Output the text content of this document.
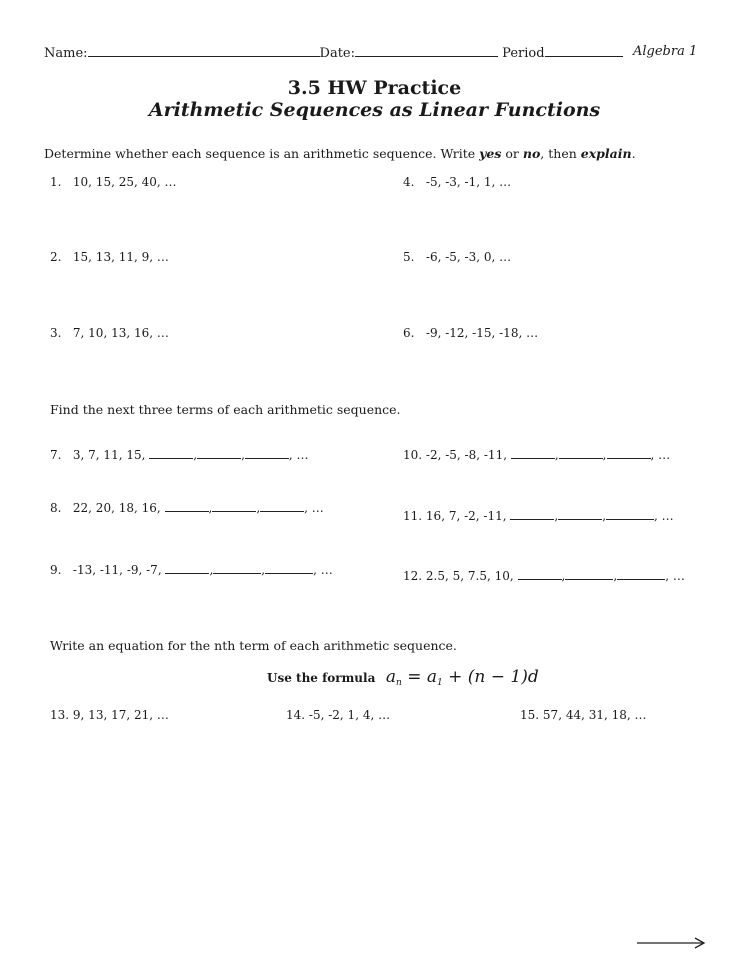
Name:	Date:	Period	Algebra 1
3.5 HW Practice
Arithmetic Sequences as Linear Functions
Determine whether each sequence is an arithmetic sequence. Write yes or no, then explain.
1. 10, 15, 25, 40, …
2. 15, 13, 11, 9, …
3. 7, 10, 13, 16, …
4. -5, -3, -1, 1, …
5. -6, -5, -3, 0, …
6. -9, -12, -15, -18, …
Find the next three terms of each arithmetic sequence.
7. 3, 7, 11, 15,	,	,	, …
8. 22, 20, 18, 16,	,	,	, …
9. -13, -11, -9, -7,	,	,	, …
10. -2, -5, -8, -11,	,	,	, …
11. 16, 7, -2, -11,	,	,	, …
12. 2.5, 5, 7.5, 10,	,	,	, …
Write an equation for the nth term of each arithmetic sequence.
Use the formula  $a_n = a_1 + (n - 1)d$
13. 9, 13, 17, 21, …	14. -5, -2, 1, 4, …	15. 57, 44, 31, 18, …
